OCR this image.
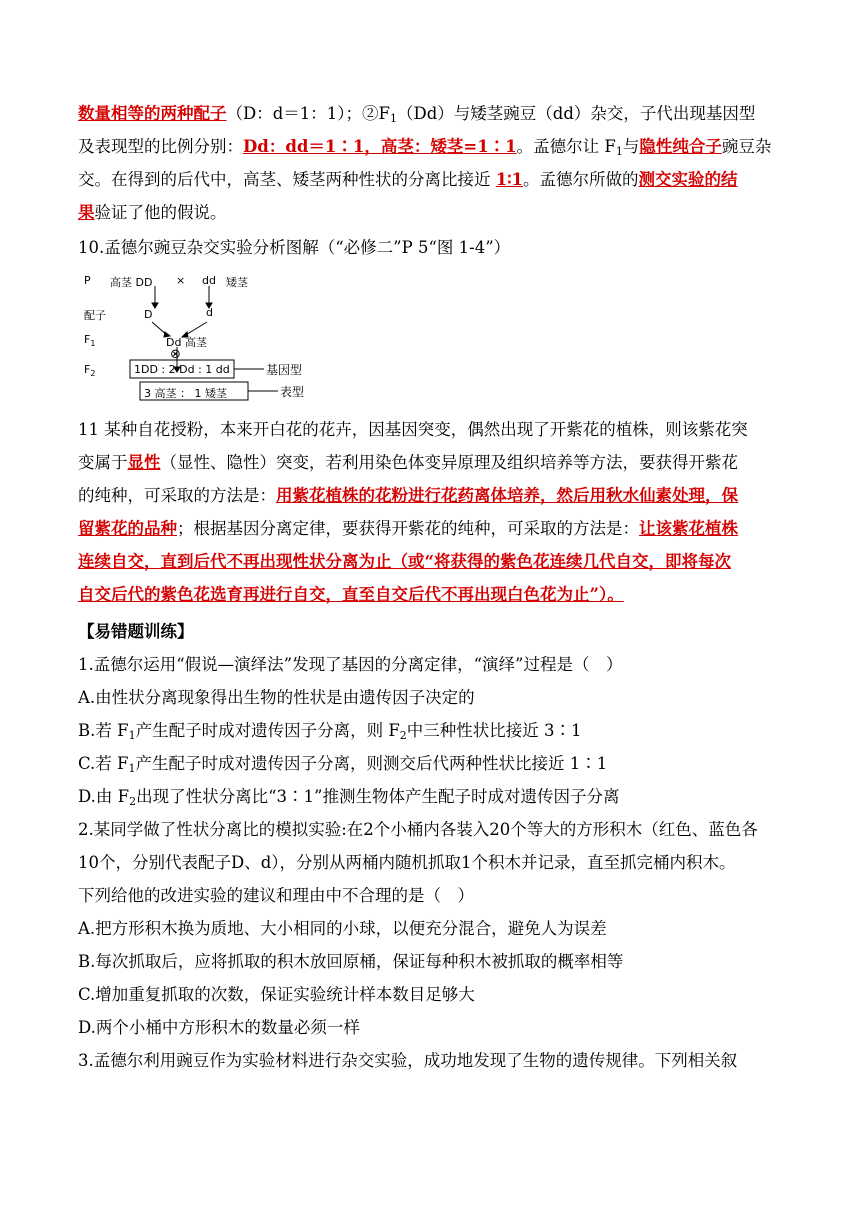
数量相等的两种配子（D：d＝1：1）；$②F_1(Dd)$与矮茎豌豆（dd）杂交，子代出现基因型
及表现型的比例分别：Dd：dd＝1∶1，高茎：矮茎=1∶1。孟德尔让 $F_1$与隐性纯合子豌豆杂
交。在得到的后代中，高茎、矮茎两种性状的分离比接近 1∶1。孟德尔所做的测交实验的结
果验证了他的假说。
10.孟德尔豌豆杂交实验分析图解（“必修二”P 5“图 1-4”）
P 高茎 DD × dd 矮茎
配子	D	d
$F_1$	Dd 高茎
⊗
$F_2$	1DD : 2 Dd : 1 dd	基因型
3 高茎 ： 1 矮茎	表型
11 某种自花授粉，本来开白花的花卉，因基因突变，偶然出现了开紫花的植株，则该紫花突
变属于显性（显性、隐性）突变，若利用染色体变异原理及组织培养等方法，要获得开紫花
的纯种，可采取的方法是：用紫花植株的花粉进行花药离体培养，然后用秋水仙素处理，保
留紫花的品种；根据基因分离定律，要获得开紫花的纯种，可采取的方法是：让该紫花植株
连续自交，直到后代不再出现性状分离为止（或“将获得的紫色花连续几代自交，即将每次
自交后代的紫色花选育再进行自交，直至自交后代不再出现白色花为止”）。
【易错题训练】
1.孟德尔运用“假说—演绎法”发现了基因的分离定律，“演绎”过程是（　）
A.由性状分离现象得出生物的性状是由遗传因子决定的
B.若 $F_1$产生配子时成对遗传因子分离，则 $F_2$中三种性状比接近 3∶1
C.若 $F_1$产生配子时成对遗传因子分离，则测交后代两种性状比接近 1∶1
D.由 $F_2$出现了性状分离比“3∶1”推测生物体产生配子时成对遗传因子分离
2.某同学做了性状分离比的模拟实验:在2个小桶内各装入20个等大的方形积木（红色、蓝色各
10个，分别代表配子D、d），分别从两桶内随机抓取1个积木并记录，直至抓完桶内积木。
下列给他的改进实验的建议和理由中不合理的是（　）
A.把方形积木换为质地、大小相同的小球，以便充分混合，避免人为误差
B.每次抓取后，应将抓取的积木放回原桶，保证每种积木被抓取的概率相等
C.增加重复抓取的次数，保证实验统计样本数目足够大
D.两个小桶中方形积木的数量必须一样
3.孟德尔利用豌豆作为实验材料进行杂交实验，成功地发现了生物的遗传规律。下列相关叙
